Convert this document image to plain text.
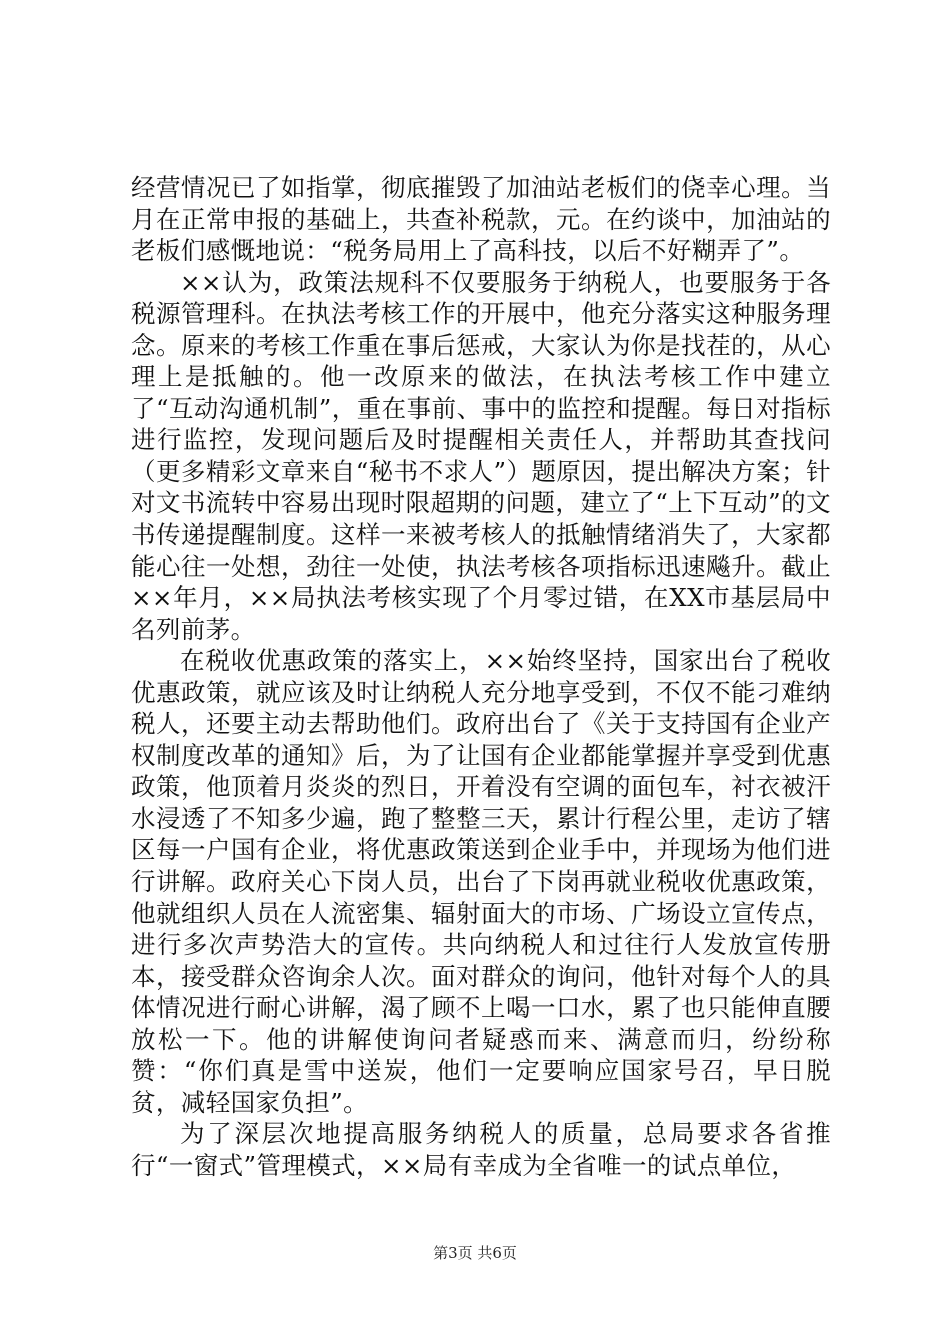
经营情况已了如指掌，彻底摧毁了加油站老板们的侥幸心理。当月在正常申报的基础上，共查补税款，元。在约谈中，加油站的老板们感慨地说：“税务局用上了高科技，以后不好糊弄了”。

××认为，政策法规科不仅要服务于纳税人，也要服务于各税源管理科。在执法考核工作的开展中，他充分落实这种服务理念。原来的考核工作重在事后惩戒，大家认为你是找茬的，从心理上是抵触的。他一改原来的做法，在执法考核工作中建立了“互动沟通机制”，重在事前、事中的监控和提醒。每日对指标进行监控，发现问题后及时提醒相关责任人，并帮助其查找问（更多精彩文章来自“秘书不求人”）题原因，提出解决方案；针对文书流转中容易出现时限超期的问题，建立了“上下互动”的文书传递提醒制度。这样一来被考核人的抵触情绪消失了，大家都能心往一处想，劲往一处使，执法考核各项指标迅速飚升。截止××年月，××局执法考核实现了个月零过错，在XX市基层局中名列前茅。

在税收优惠政策的落实上，××始终坚持，国家出台了税收优惠政策，就应该及时让纳税人充分地享受到，不仅不能刁难纳税人，还要主动去帮助他们。政府出台了《关于支持国有企业产权制度改革的通知》后，为了让国有企业都能掌握并享受到优惠政策，他顶着月炎炎的烈日，开着没有空调的面包车，衬衣被汗水浸透了不知多少遍，跑了整整三天，累计行程公里，走访了辖区每一户国有企业，将优惠政策送到企业手中，并现场为他们进行讲解。政府关心下岗人员，出台了下岗再就业税收优惠政策，他就组织人员在人流密集、辐射面大的市场、广场设立宣传点，进行多次声势浩大的宣传。共向纳税人和过往行人发放宣传册本，接受群众咨询余人次。面对群众的询问，他针对每个人的具体情况进行耐心讲解，渴了顾不上喝一口水，累了也只能伸直腰放松一下。他的讲解使询问者疑惑而来、满意而归，纷纷称赞：“你们真是雪中送炭，他们一定要响应国家号召，早日脱贫，减轻国家负担”。

为了深层次地提高服务纳税人的质量，总局要求各省推行“一窗式”管理模式，××局有幸成为全省唯一的试点单位，

第3页 共6页
